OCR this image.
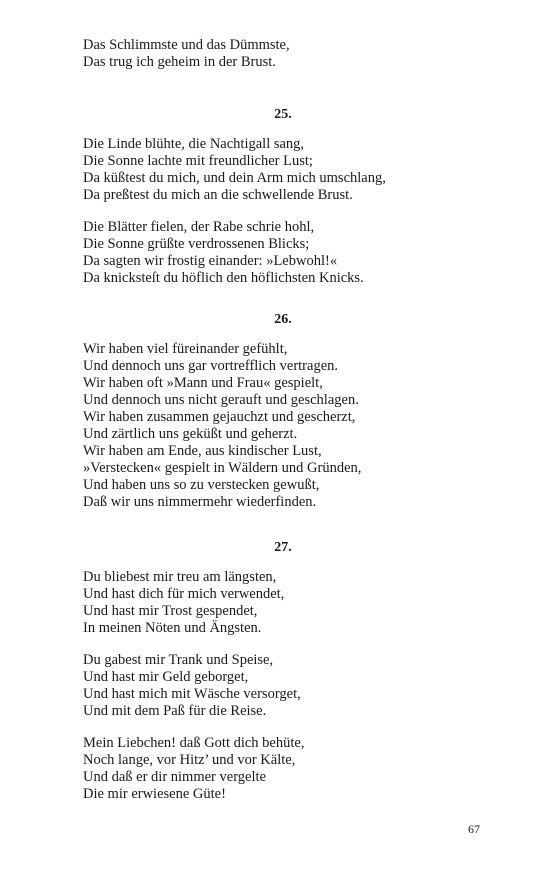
Das Schlimmste und das Dümmste,
Das trug ich geheim in der Brust.
25.
Die Linde blühte, die Nachtigall sang,
Die Sonne lachte mit freundlicher Lust;
Da küßtest du mich, und dein Arm mich umschlang,
Da preßtest du mich an die schwellende Brust.
Die Blätter fielen, der Rabe schrie hohl,
Die Sonne grüßte verdrossenen Blicks;
Da sagten wir frostig einander: »Lebwohl!«
Da knicksteſt du höflich den höflichsten Knicks.
26.
Wir haben viel füreinander gefühlt,
Und dennoch uns gar vortrefflich vertragen.
Wir haben oft »Mann und Frau« gespielt,
Und dennoch uns nicht gerauft und geschlagen.
Wir haben zusammen gejauchzt und gescherzt,
Und zärtlich uns geküßt und geherzt.
Wir haben am Ende, aus kindischer Lust,
»Verstecken« gespielt in Wäldern und Gründen,
Und haben uns so zu verstecken gewußt,
Daß wir uns nimmermehr wiederfinden.
27.
Du bliebest mir treu am längsten,
Und hast dich für mich verwendet,
Und hast mir Trost gespendet,
In meinen Nöten und Ängsten.
Du gabest mir Trank und Speise,
Und hast mir Geld geborget,
Und hast mich mit Wäsche versorget,
Und mit dem Paß für die Reise.
Mein Liebchen! daß Gott dich behüte,
Noch lange, vor Hitz’ und vor Kälte,
Und daß er dir nimmer vergelte
Die mir erwiesene Güte!
67
